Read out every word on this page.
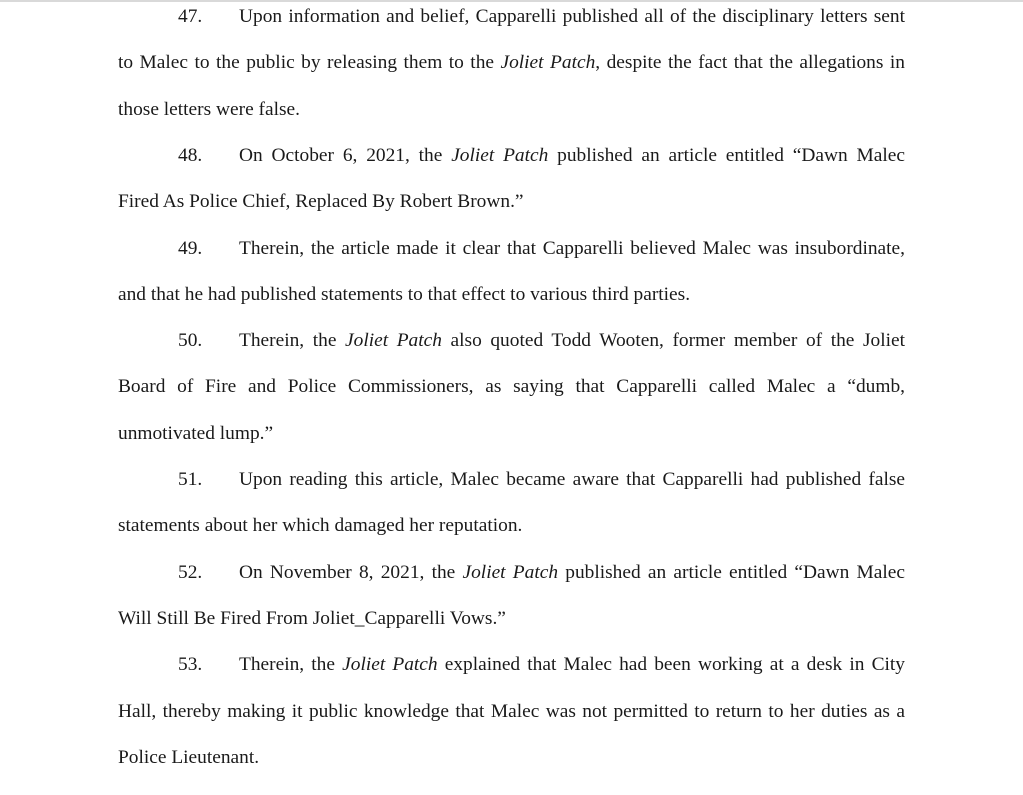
47. Upon information and belief, Capparelli published all of the disciplinary letters sent
to Malec to the public by releasing them to the Joliet Patch, despite the fact that the allegations in
those letters were false.
48. On October 6, 2021, the Joliet Patch published an article entitled “Dawn Malec
Fired As Police Chief, Replaced By Robert Brown.”
49. Therein, the article made it clear that Capparelli believed Malec was insubordinate,
and that he had published statements to that effect to various third parties.
50. Therein, the Joliet Patch also quoted Todd Wooten, former member of the Joliet
Board of Fire and Police Commissioners, as saying that Capparelli called Malec a “dumb,
unmotivated lump.”
51. Upon reading this article, Malec became aware that Capparelli had published false
statements about her which damaged her reputation.
52. On November 8, 2021, the Joliet Patch published an article entitled “Dawn Malec
Will Still Be Fired From Joliet_Capparelli Vows.”
53. Therein, the Joliet Patch explained that Malec had been working at a desk in City
Hall, thereby making it public knowledge that Malec was not permitted to return to her duties as a
Police Lieutenant.
